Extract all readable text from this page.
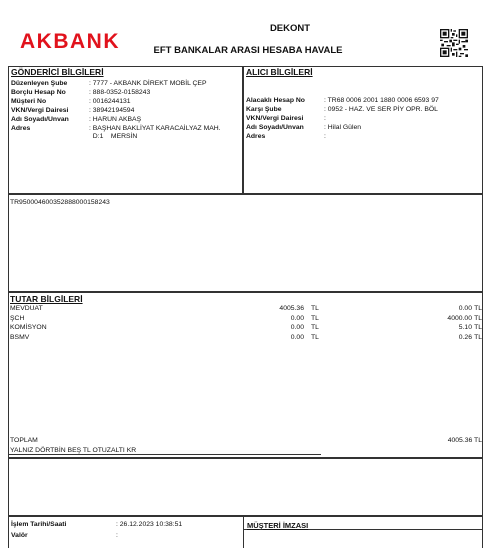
AKBANK
DEKONT
EFT BANKALAR ARASI HESABA HAVALE
GÖNDERİCİ BİLGİLERİ
Düzenleyen Şube	: 7777 - AKBANK DİREKT MOBİL ÇEP
Borçlu Hesap No	: 888-0352-0158243
Müşteri No	: 0016244131
VKN/Vergi Dairesi	: 38942194594
Adı Soyadı/Unvan	: HARUN AKBAŞ
Adres	: BAŞHAN BAKLİYAT KARACAİLYAZ MAH.
D:1    MERSİN
ALICI BİLGİLERİ
Alacaklı Hesap No	: TR68 0006 2001 1880 0006 6593 97
Karşı Şube	: 0952 - HAZ. VE SER PİY OPR. BÖL
VKN/Vergi Dairesi	:
Adı Soyadı/Unvan	: Hilal Gülen
Adres	:
TR950004600352888000158243
TUTAR BİLGİLERİ
MEVDUAT	4005.36 TL	0.00 TL
ŞCH	0.00 TL	4000.00 TL
KOMİSYON	0.00 TL	5.10 TL
BSMV	0.00 TL	0.26 TL
TOPLAM	4005.36 TL
YALNIZ DÖRTBİN BEŞ TL OTUZALTI KR
İşlem Tarihi/Saati	: 26.12.2023 10:38:51
Valör	:
MÜŞTERİ İMZASI
